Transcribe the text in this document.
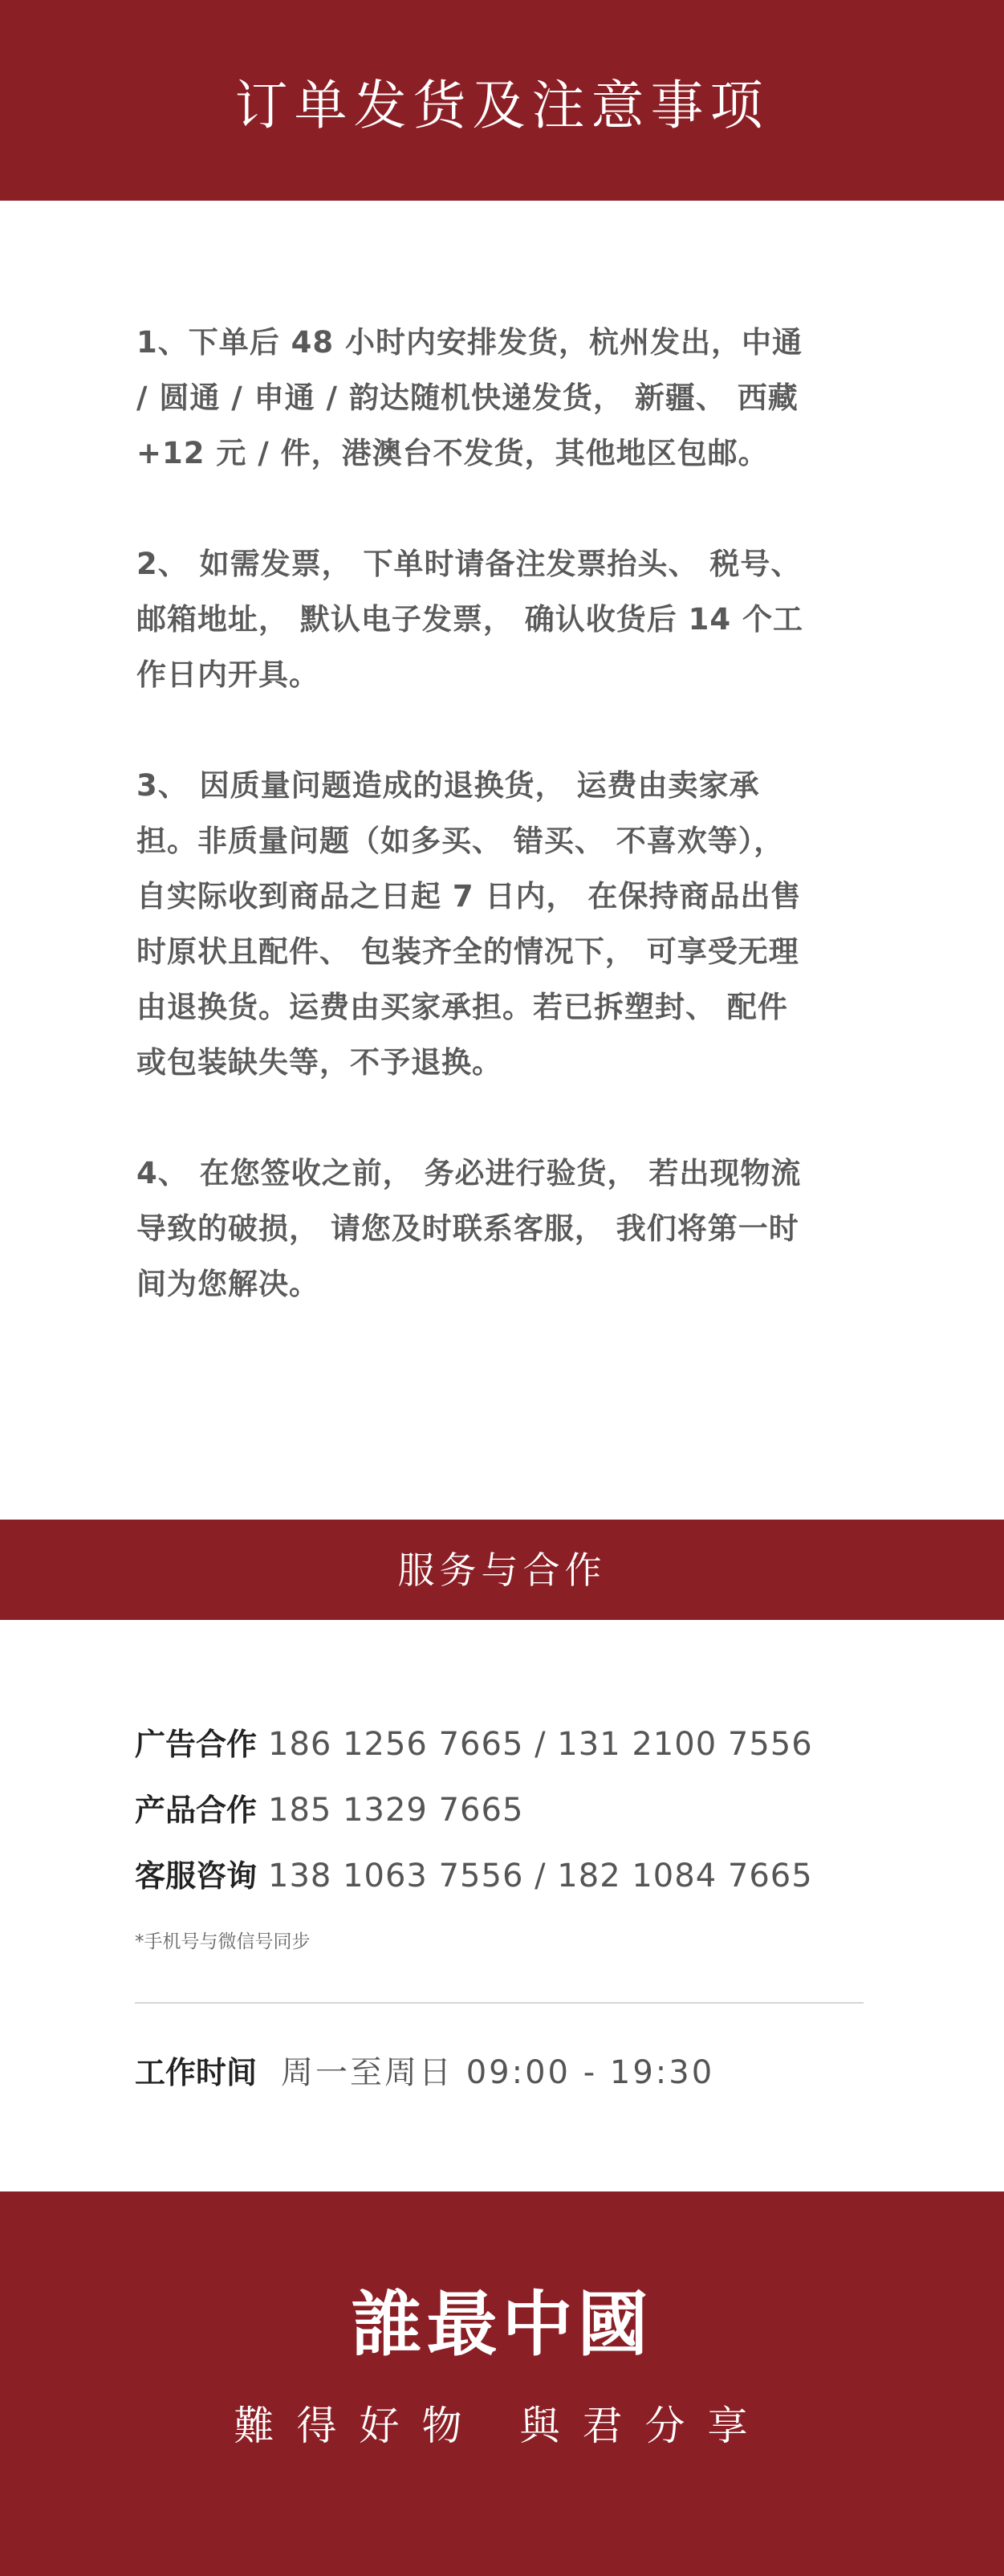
订单发货及注意事项

1、下单后 48 小时内安排发货，杭州发出，中通
/ 圆通 / 申通 / 韵达随机快递发货， 新疆、 西藏
+12 元 / 件，港澳台不发货，其他地区包邮。

2、 如需发票， 下单时请备注发票抬头、 税号、
邮箱地址， 默认电子发票， 确认收货后 14 个工
作日内开具。

3、 因质量问题造成的退换货， 运费由卖家承
担。非质量问题（如多买、 错买、 不喜欢等），
自实际收到商品之日起 7 日内， 在保持商品出售
时原状且配件、 包装齐全的情况下， 可享受无理
由退换货。运费由买家承担。若已拆塑封、 配件
或包装缺失等，不予退换。

4、 在您签收之前， 务必进行验货， 若出现物流
导致的破损， 请您及时联系客服， 我们将第一时
间为您解决。

服务与合作
广告合作 186 1256 7665 / 131 2100 7556
产品合作 185 1329 7665
客服咨询 138 1063 7556 / 182 1084 7665
*手机号与微信号同步
工作时间 周一至周日 09:00 - 19:30
誰最中國
難得好物 與君分享
